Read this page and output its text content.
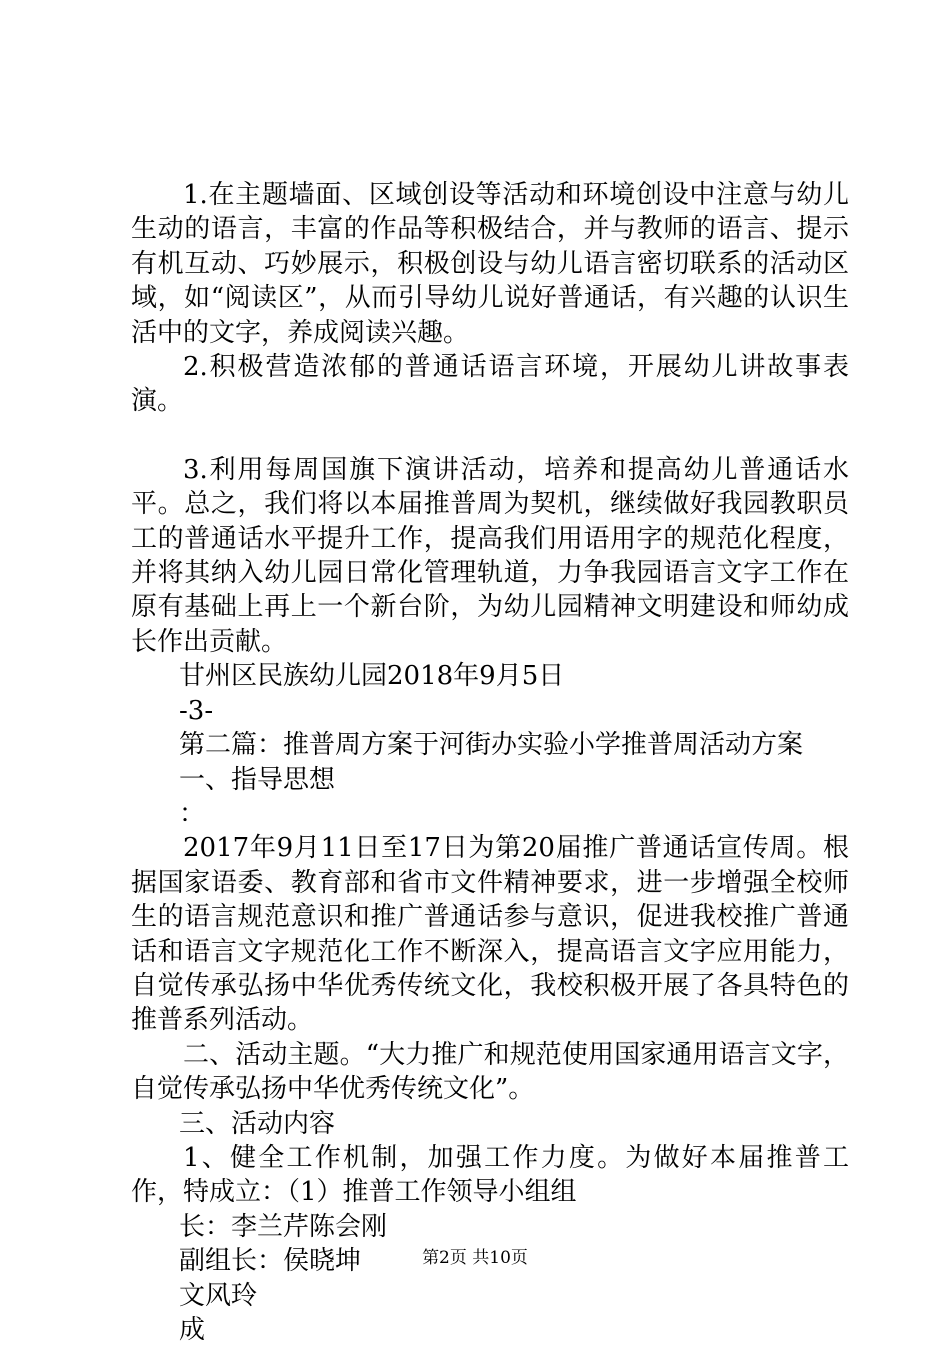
1.在主题墙面、区域创设等活动和环境创设中注意与幼儿生动的语言，丰富的作品等积极结合，并与教师的语言、提示有机互动、巧妙展示，积极创设与幼儿语言密切联系的活动区域，如“阅读区”，从而引导幼儿说好普通话，有兴趣的认识生活中的文字，养成阅读兴趣。

2.积极营造浓郁的普通话语言环境，开展幼儿讲故事表演。

3.利用每周国旗下演讲活动，培养和提高幼儿普通话水平。总之，我们将以本届推普周为契机，继续做好我园教职员工的普通话水平提升工作，提高我们用语用字的规范化程度，并将其纳入幼儿园日常化管理轨道，力争我园语言文字工作在原有基础上再上一个新台阶，为幼儿园精神文明建设和师幼成长作出贡献。

甘州区民族幼儿园2018年9月5日

-3-

第二篇：推普周方案于河街办实验小学推普周活动方案

一、指导思想

：

2017年9月11日至17日为第20届推广普通话宣传周。根据国家语委、教育部和省市文件精神要求，进一步增强全校师生的语言规范意识和推广普通话参与意识，促进我校推广普通话和语言文字规范化工作不断深入，提高语言文字应用能力，自觉传承弘扬中华优秀传统文化，我校积极开展了各具特色的推普系列活动。

二、活动主题。“大力推广和规范使用国家通用语言文字，自觉传承弘扬中华优秀传统文化”。

三、活动内容

1、健全工作机制，加强工作力度。为做好本届推普工作，特成立：（1）推普工作领导小组组

长：李兰芹陈会刚

副组长：侯晓坤

文风玲

成

第2页 共10页
